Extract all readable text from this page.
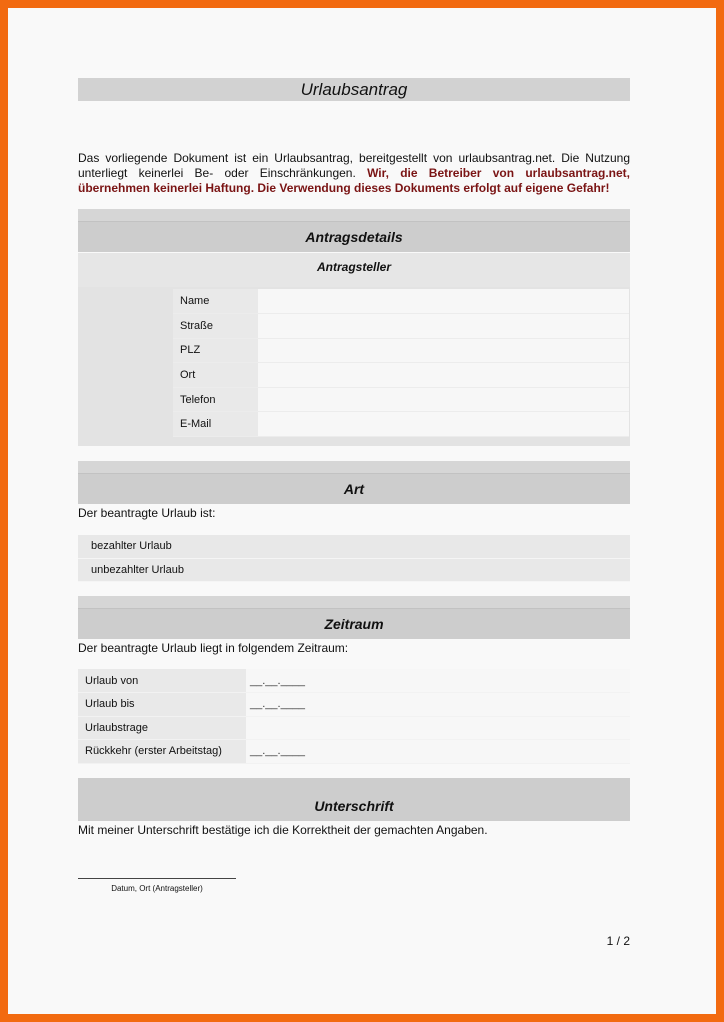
Urlaubsantrag

Das vorliegende Dokument ist ein Urlaubsantrag, bereitgestellt von urlaubsantrag.net. Die Nutzung unterliegt keinerlei Be- oder Einschränkungen. Wir, die Betreiber von urlaubsantrag.net, übernehmen keinerlei Haftung. Die Verwendung dieses Dokuments erfolgt auf eigene Gefahr!

Antragsdetails
Antragsteller
Name	
Straße	
PLZ	
Ort	
Telefon	
E-Mail	
Art
Der beantragte Urlaub ist:
bezahlter Urlaub
unbezahlter Urlaub
Zeitraum
Der beantragte Urlaub liegt in folgendem Zeitraum:
Urlaub von	__.__.____
Urlaub bis	__.__.____
Urlaubstrage	
Rückkehr (erster Arbeitstag)	__.__.____
Unterschrift
Mit meiner Unterschrift bestätige ich die Korrektheit der gemachten Angaben.
Datum, Ort (Antragsteller)
1 / 2
